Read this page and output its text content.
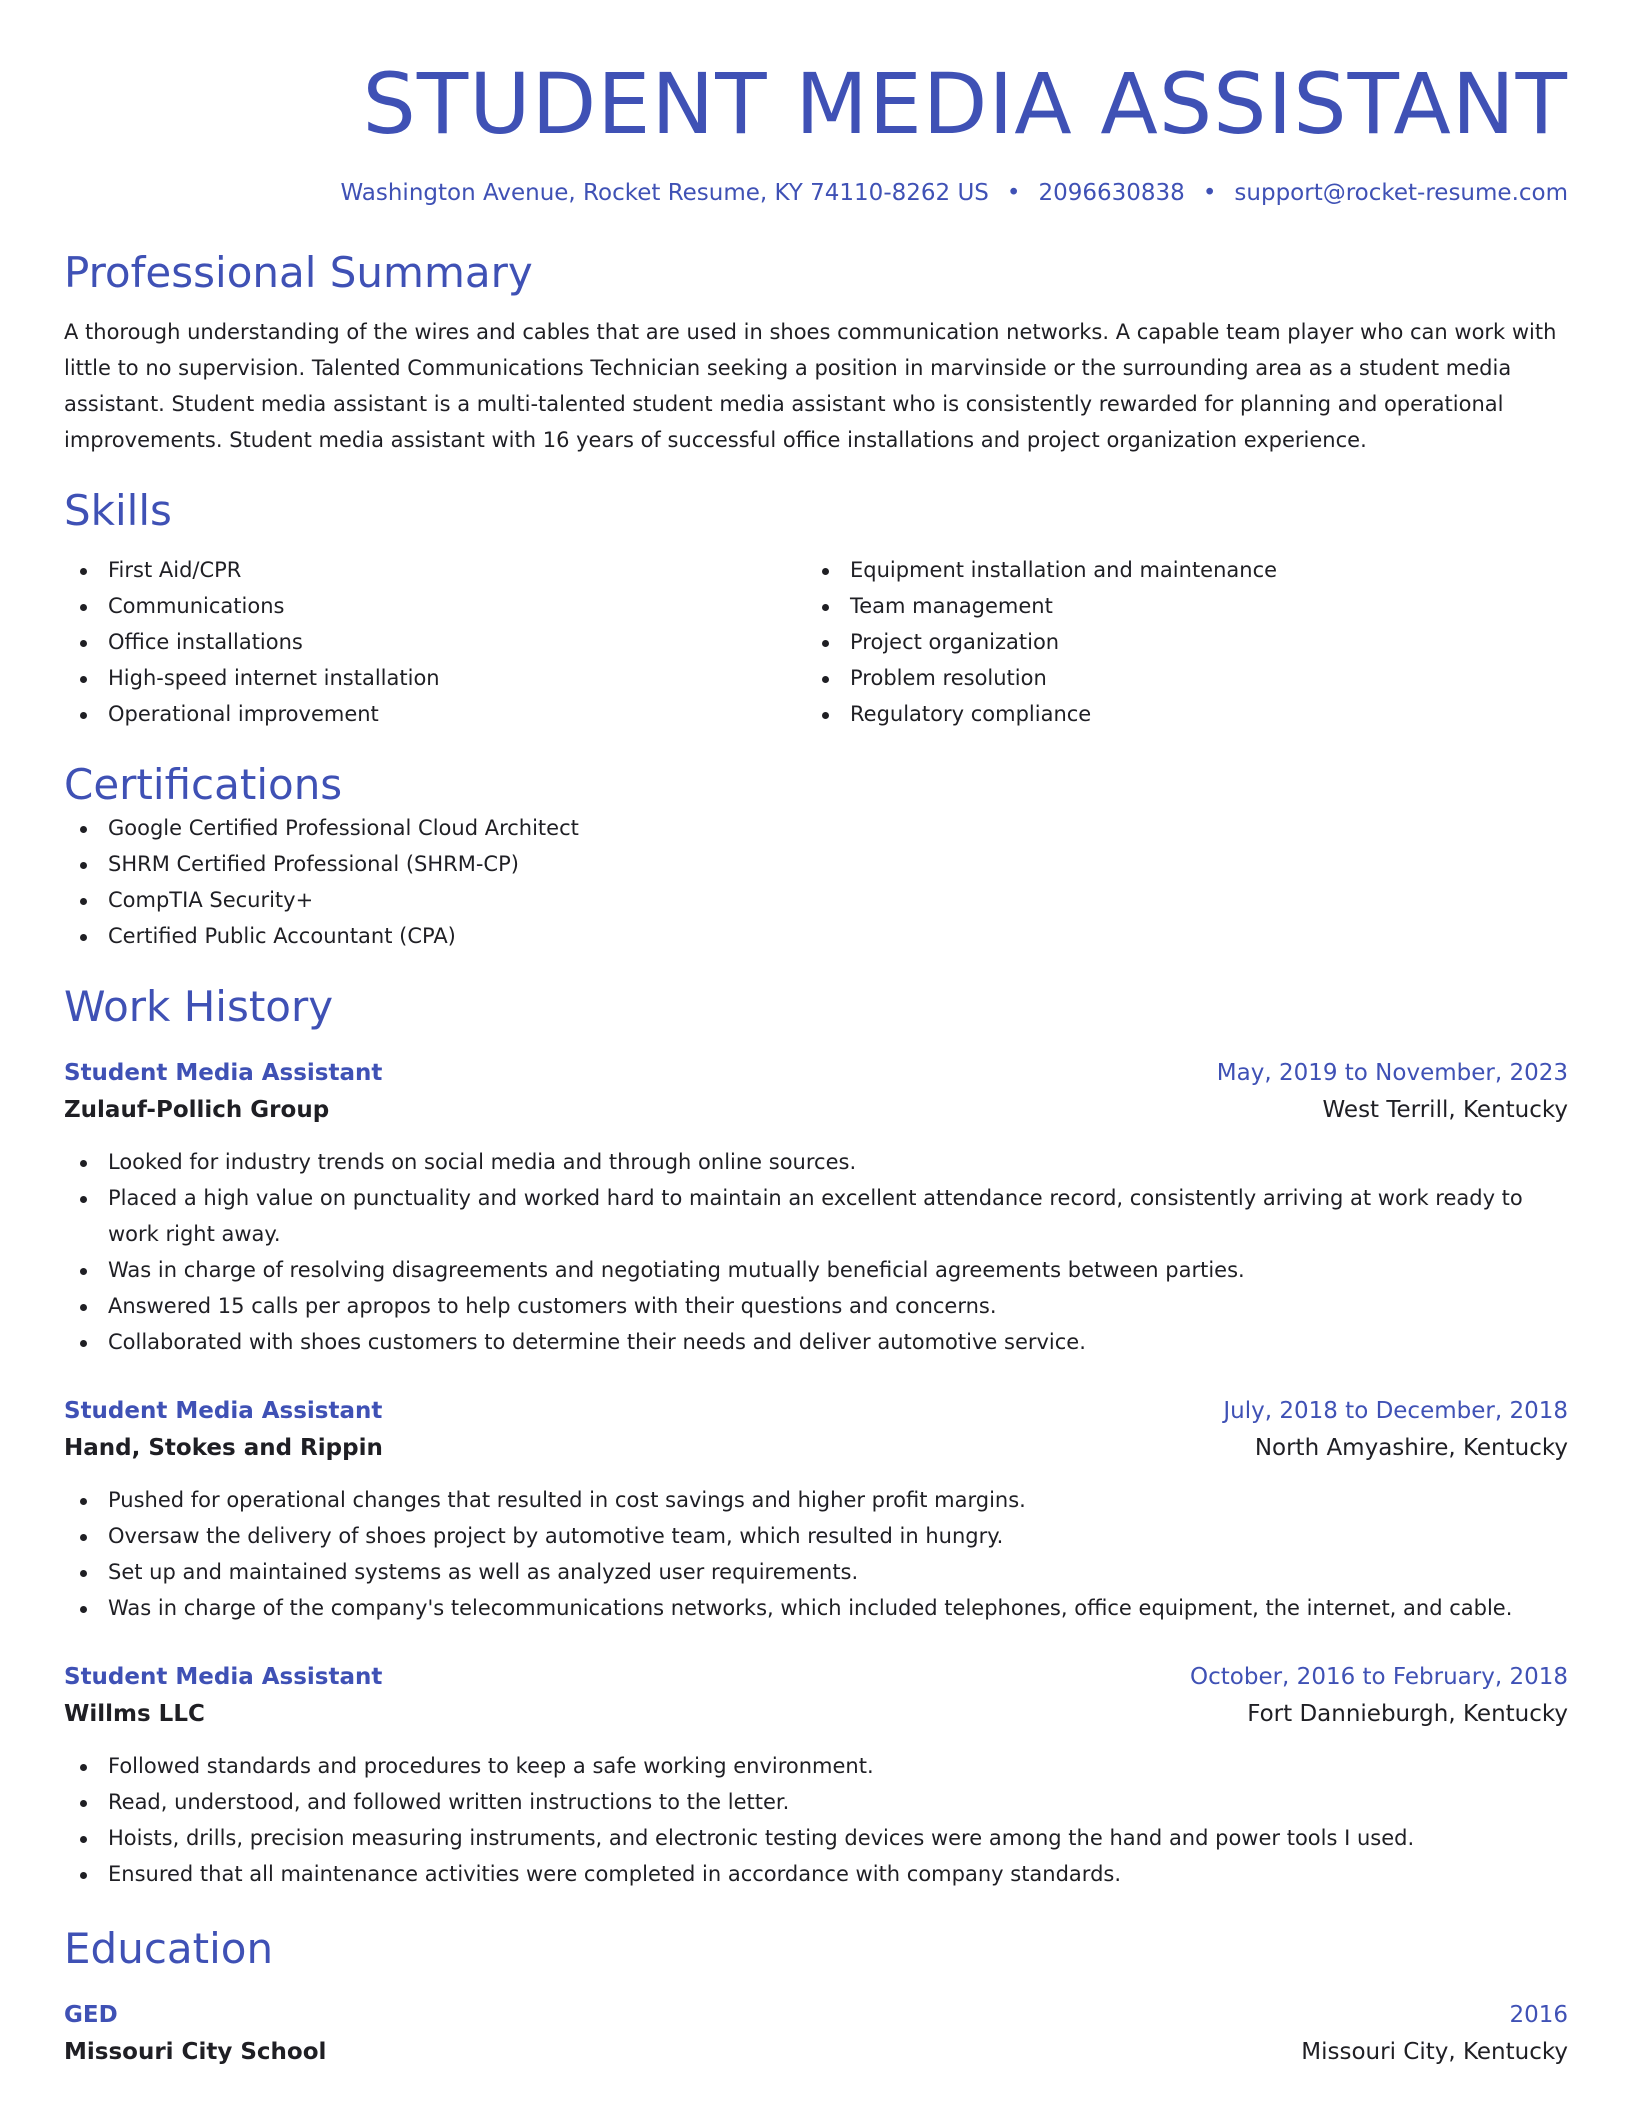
STUDENT MEDIA ASSISTANT
Washington Avenue, Rocket Resume, KY 74110-8262 US • 2096630838 • support@rocket-resume.com
Professional Summary
A thorough understanding of the wires and cables that are used in shoes communication networks. A capable team player who can work with little to no supervision. Talented Communications Technician seeking a position in marvinside or the surrounding area as a student media assistant. Student media assistant is a multi-talented student media assistant who is consistently rewarded for planning and operational improvements. Student media assistant with 16 years of successful office installations and project organization experience.
Skills
First Aid/CPR
Communications
Office installations
High-speed internet installation
Operational improvement
Equipment installation and maintenance
Team management
Project organization
Problem resolution
Regulatory compliance
Certifications
Google Certified Professional Cloud Architect
SHRM Certified Professional (SHRM-CP)
CompTIA Security+
Certified Public Accountant (CPA)
Work History
Student Media Assistant	May, 2019 to November, 2023
Zulauf-Pollich Group	West Terrill, Kentucky
Looked for industry trends on social media and through online sources.
Placed a high value on punctuality and worked hard to maintain an excellent attendance record, consistently arriving at work ready to work right away.
Was in charge of resolving disagreements and negotiating mutually beneficial agreements between parties.
Answered 15 calls per apropos to help customers with their questions and concerns.
Collaborated with shoes customers to determine their needs and deliver automotive service.
Student Media Assistant	July, 2018 to December, 2018
Hand, Stokes and Rippin	North Amyashire, Kentucky
Pushed for operational changes that resulted in cost savings and higher profit margins.
Oversaw the delivery of shoes project by automotive team, which resulted in hungry.
Set up and maintained systems as well as analyzed user requirements.
Was in charge of the company's telecommunications networks, which included telephones, office equipment, the internet, and cable.
Student Media Assistant	October, 2016 to February, 2018
Willms LLC	Fort Dannieburgh, Kentucky
Followed standards and procedures to keep a safe working environment.
Read, understood, and followed written instructions to the letter.
Hoists, drills, precision measuring instruments, and electronic testing devices were among the hand and power tools I used.
Ensured that all maintenance activities were completed in accordance with company standards.
Education
GED	2016
Missouri City School	Missouri City, Kentucky
